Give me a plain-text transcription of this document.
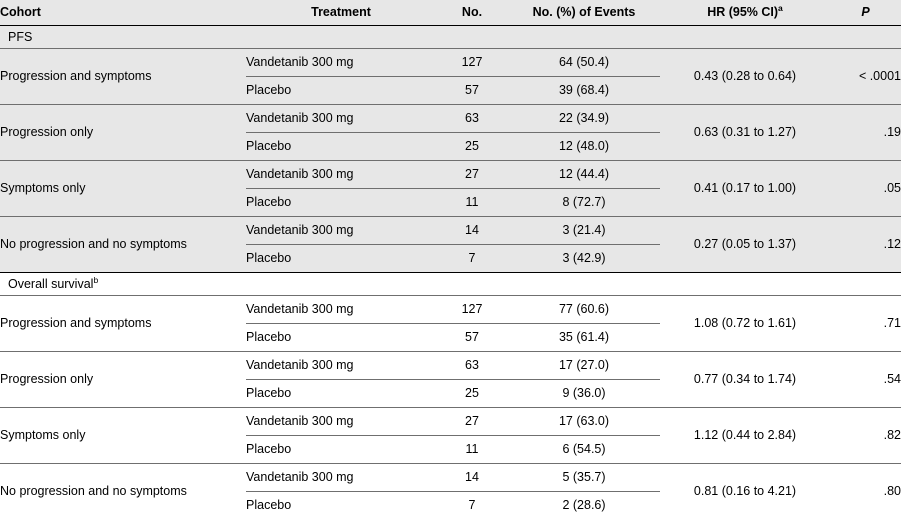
Cohort	Treatment	No.	No. (%) of Events	HR (95% CI)$^a$	P
PFS					
Progression and symptoms	Vandetanib 300 mg	127	64 (50.4)	0.43 (0.28 to 0.64)	< .0001
	Placebo	57	39 (68.4)		
Progression only	Vandetanib 300 mg	63	22 (34.9)	0.63 (0.31 to 1.27)	.19
	Placebo	25	12 (48.0)		
Symptoms only	Vandetanib 300 mg	27	12 (44.4)	0.41 (0.17 to 1.00)	.05
	Placebo	11	8 (72.7)		
No progression and no symptoms	Vandetanib 300 mg	14	3 (21.4)	0.27 (0.05 to 1.37)	.12
	Placebo	7	3 (42.9)		
Overall survival$^b$
Progression and symptoms	Vandetanib 300 mg	127	77 (60.6)	1.08 (0.72 to 1.61)	.71
	Placebo	57	35 (61.4)		
Progression only	Vandetanib 300 mg	63	17 (27.0)	0.77 (0.34 to 1.74)	.54
	Placebo	25	9 (36.0)		
Symptoms only	Vandetanib 300 mg	27	17 (63.0)	1.12 (0.44 to 2.84)	.82
	Placebo	11	6 (54.5)		
No progression and no symptoms	Vandetanib 300 mg	14	5 (35.7)	0.81 (0.16 to 4.21)	.80
	Placebo	7	2 (28.6)		
